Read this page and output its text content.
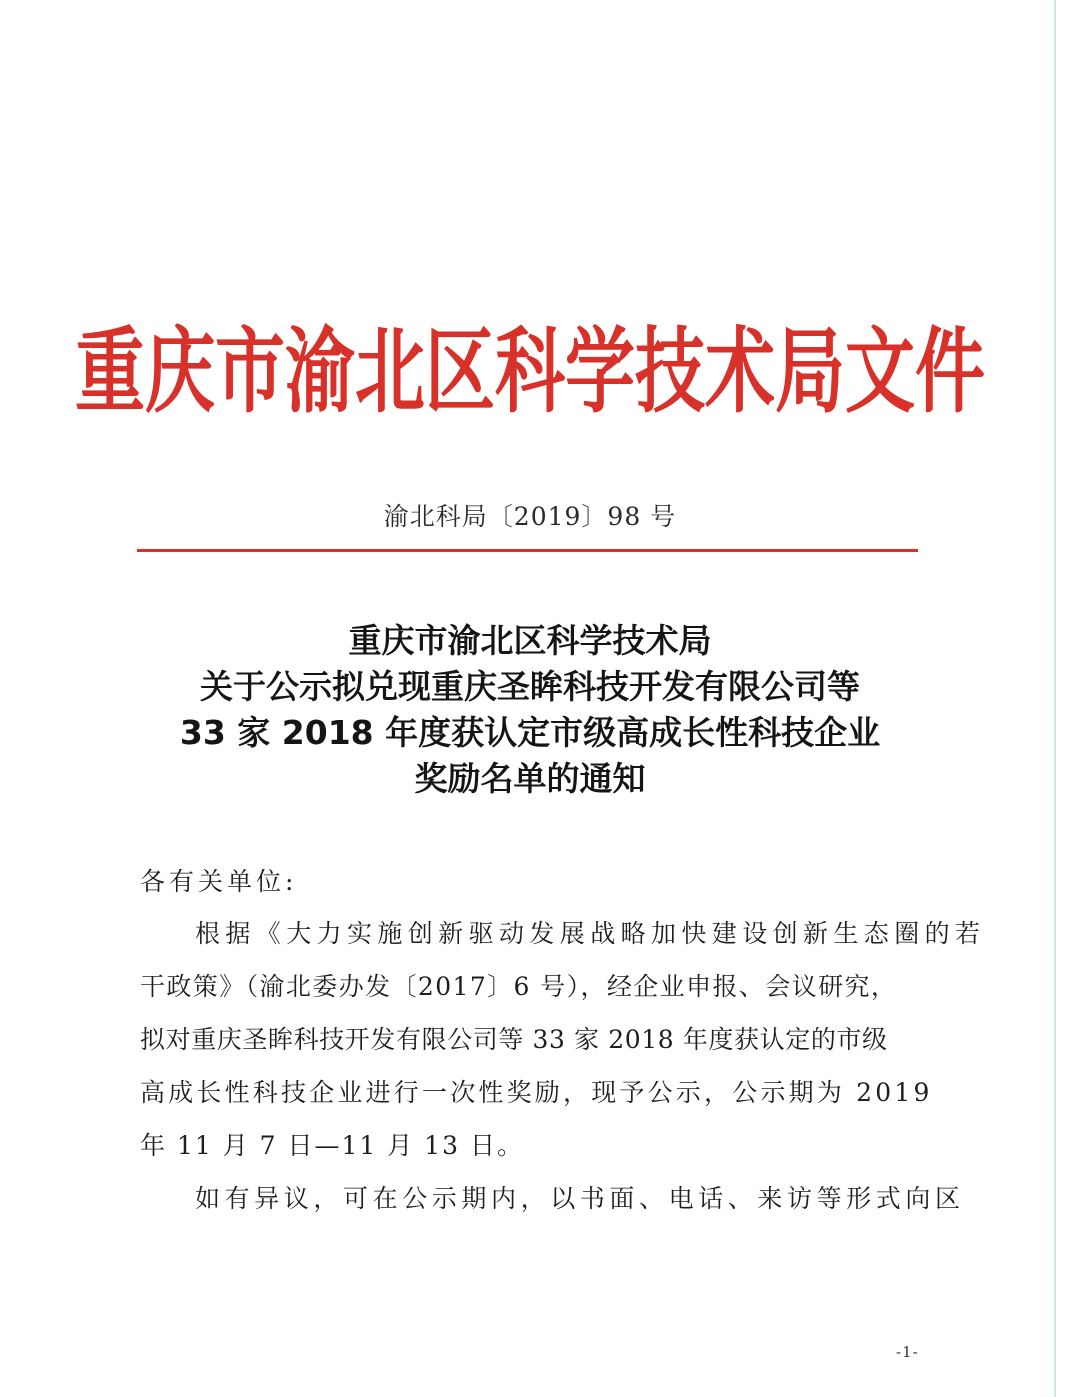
重庆市渝北区科学技术局文件
渝北科局〔2019〕98 号
重庆市渝北区科学技术局
关于公示拟兑现重庆圣眸科技开发有限公司等
33 家 2018 年度获认定市级高成长性科技企业
奖励名单的通知
各有关单位:
根据《大力实施创新驱动发展战略加快建设创新生态圈的若
干政策》（渝北委办发〔2017〕6 号），经企业申报、会议研究，
拟对重庆圣眸科技开发有限公司等 33 家 2018 年度获认定的市级
高成长性科技企业进行一次性奖励，现予公示，公示期为 2019
年 11 月 7 日—11 月 13 日。
如有异议，可在公示期内，以书面、电话、来访等形式向区
-1-
